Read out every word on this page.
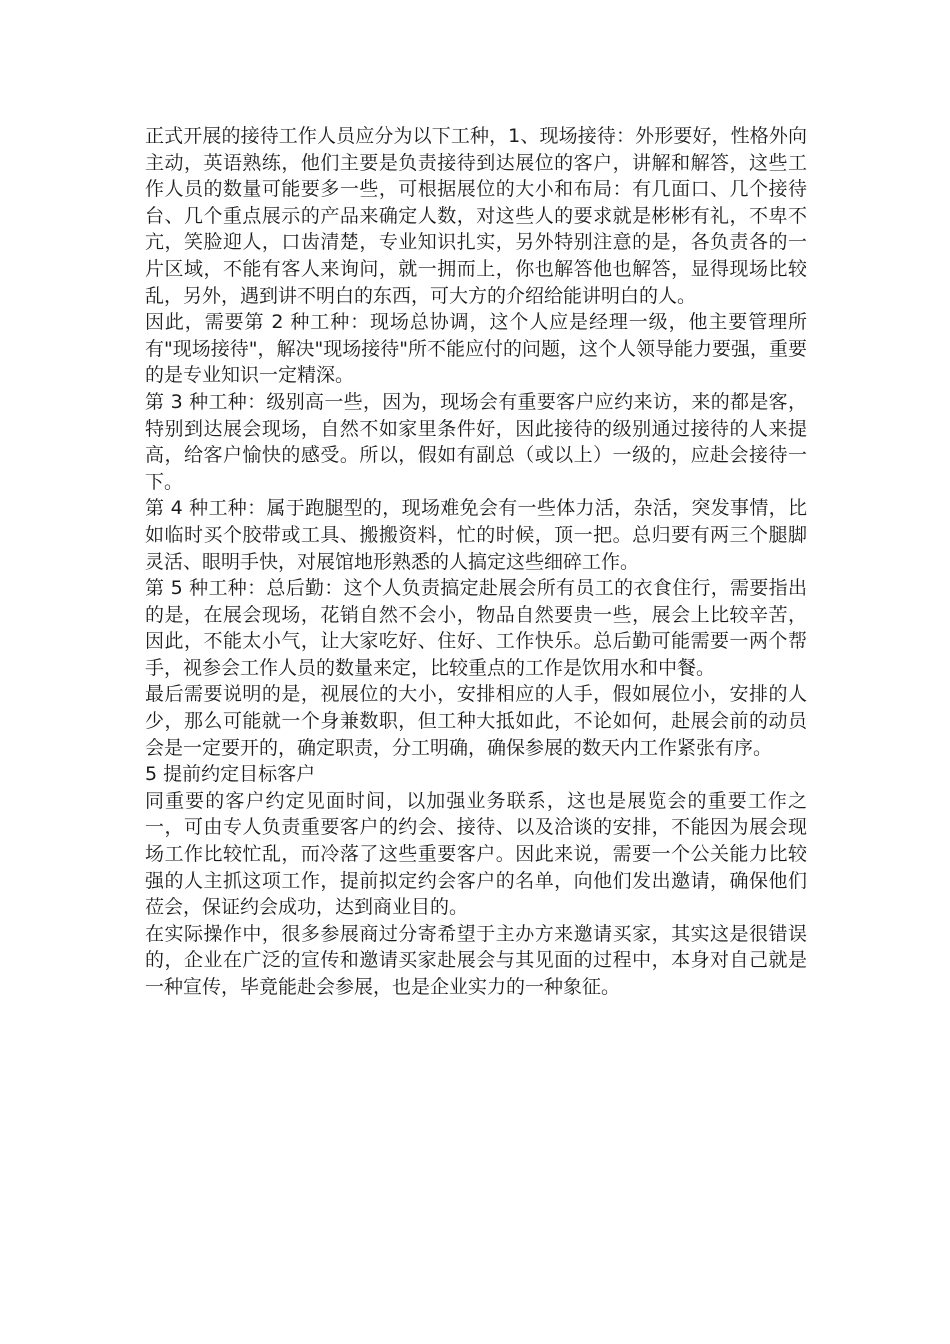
正式开展的接待工作人员应分为以下工种，1、现场接待：外形要好，性格外向主动，英语熟练，他们主要是负责接待到达展位的客户，讲解和解答，这些工作人员的数量可能要多一些，可根据展位的大小和布局：有几面口、几个接待台、几个重点展示的产品来确定人数，对这些人的要求就是彬彬有礼，不卑不亢，笑脸迎人，口齿清楚，专业知识扎实，另外特别注意的是，各负责各的一片区域，不能有客人来询问，就一拥而上，你也解答他也解答，显得现场比较乱，另外，遇到讲不明白的东西，可大方的介绍给能讲明白的人。

因此，需要第 2 种工种：现场总协调，这个人应是经理一级，他主要管理所有"现场接待"，解决"现场接待"所不能应付的问题，这个人领导能力要强，重要的是专业知识一定精深。

第 3 种工种：级别高一些，因为，现场会有重要客户应约来访，来的都是客，特别到达展会现场，自然不如家里条件好，因此接待的级别通过接待的人来提高，给客户愉快的感受。所以，假如有副总（或以上）一级的，应赴会接待一下。

第 4 种工种：属于跑腿型的，现场难免会有一些体力活，杂活，突发事情，比如临时买个胶带或工具、搬搬资料，忙的时候，顶一把。总归要有两三个腿脚灵活、眼明手快，对展馆地形熟悉的人搞定这些细碎工作。

第 5 种工种：总后勤：这个人负责搞定赴展会所有员工的衣食住行，需要指出的是，在展会现场，花销自然不会小，物品自然要贵一些，展会上比较辛苦，因此，不能太小气，让大家吃好、住好、工作快乐。总后勤可能需要一两个帮手，视参会工作人员的数量来定，比较重点的工作是饮用水和中餐。

最后需要说明的是，视展位的大小，安排相应的人手，假如展位小，安排的人少，那么可能就一个身兼数职，但工种大抵如此，不论如何，赴展会前的动员会是一定要开的，确定职责，分工明确，确保参展的数天内工作紧张有序。

5 提前约定目标客户

同重要的客户约定见面时间，以加强业务联系，这也是展览会的重要工作之一，可由专人负责重要客户的约会、接待、以及洽谈的安排，不能因为展会现场工作比较忙乱，而冷落了这些重要客户。因此来说，需要一个公关能力比较强的人主抓这项工作，提前拟定约会客户的名单，向他们发出邀请，确保他们莅会，保证约会成功，达到商业目的。

在实际操作中，很多参展商过分寄希望于主办方来邀请买家，其实这是很错误的，企业在广泛的宣传和邀请买家赴展会与其见面的过程中，本身对自己就是一种宣传，毕竟能赴会参展，也是企业实力的一种象征。
